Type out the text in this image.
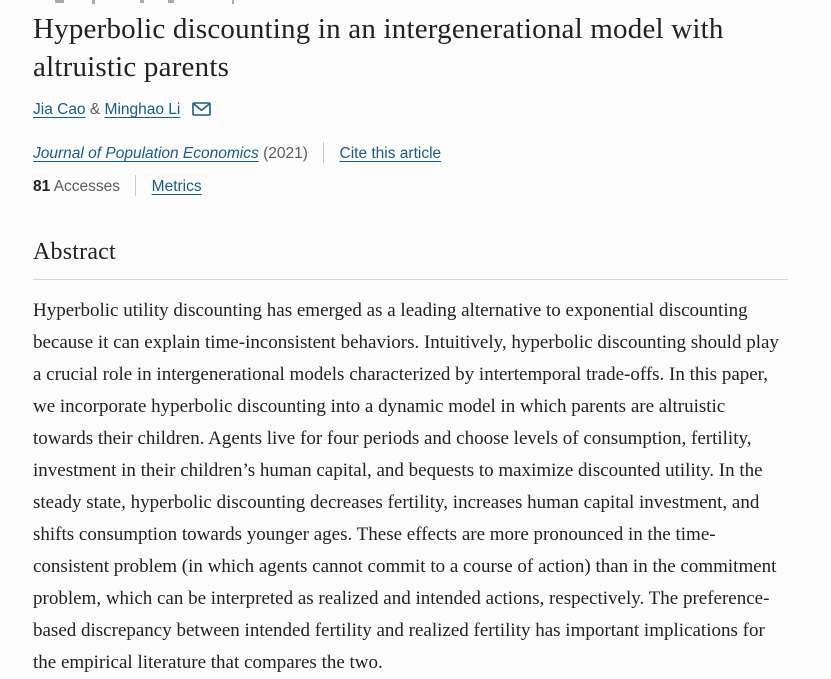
Hyperbolic discounting in an intergenerational model with altruistic parents
Jia Cao & Minghao Li
Journal of Population Economics (2021) Cite this article
81 Accesses Metrics
Abstract

Hyperbolic utility discounting has emerged as a leading alternative to exponential discounting because it can explain time-inconsistent behaviors. Intuitively, hyperbolic discounting should play a crucial role in intergenerational models characterized by intertemporal trade-offs. In this paper, we incorporate hyperbolic discounting into a dynamic model in which parents are altruistic towards their children. Agents live for four periods and choose levels of consumption, fertility, investment in their children’s human capital, and bequests to maximize discounted utility. In the steady state, hyperbolic discounting decreases fertility, increases human capital investment, and shifts consumption towards younger ages. These effects are more pronounced in the time-consistent problem (in which agents cannot commit to a course of action) than in the commitment problem, which can be interpreted as realized and intended actions, respectively. The preference-based discrepancy between intended fertility and realized fertility has important implications for the empirical literature that compares the two.
